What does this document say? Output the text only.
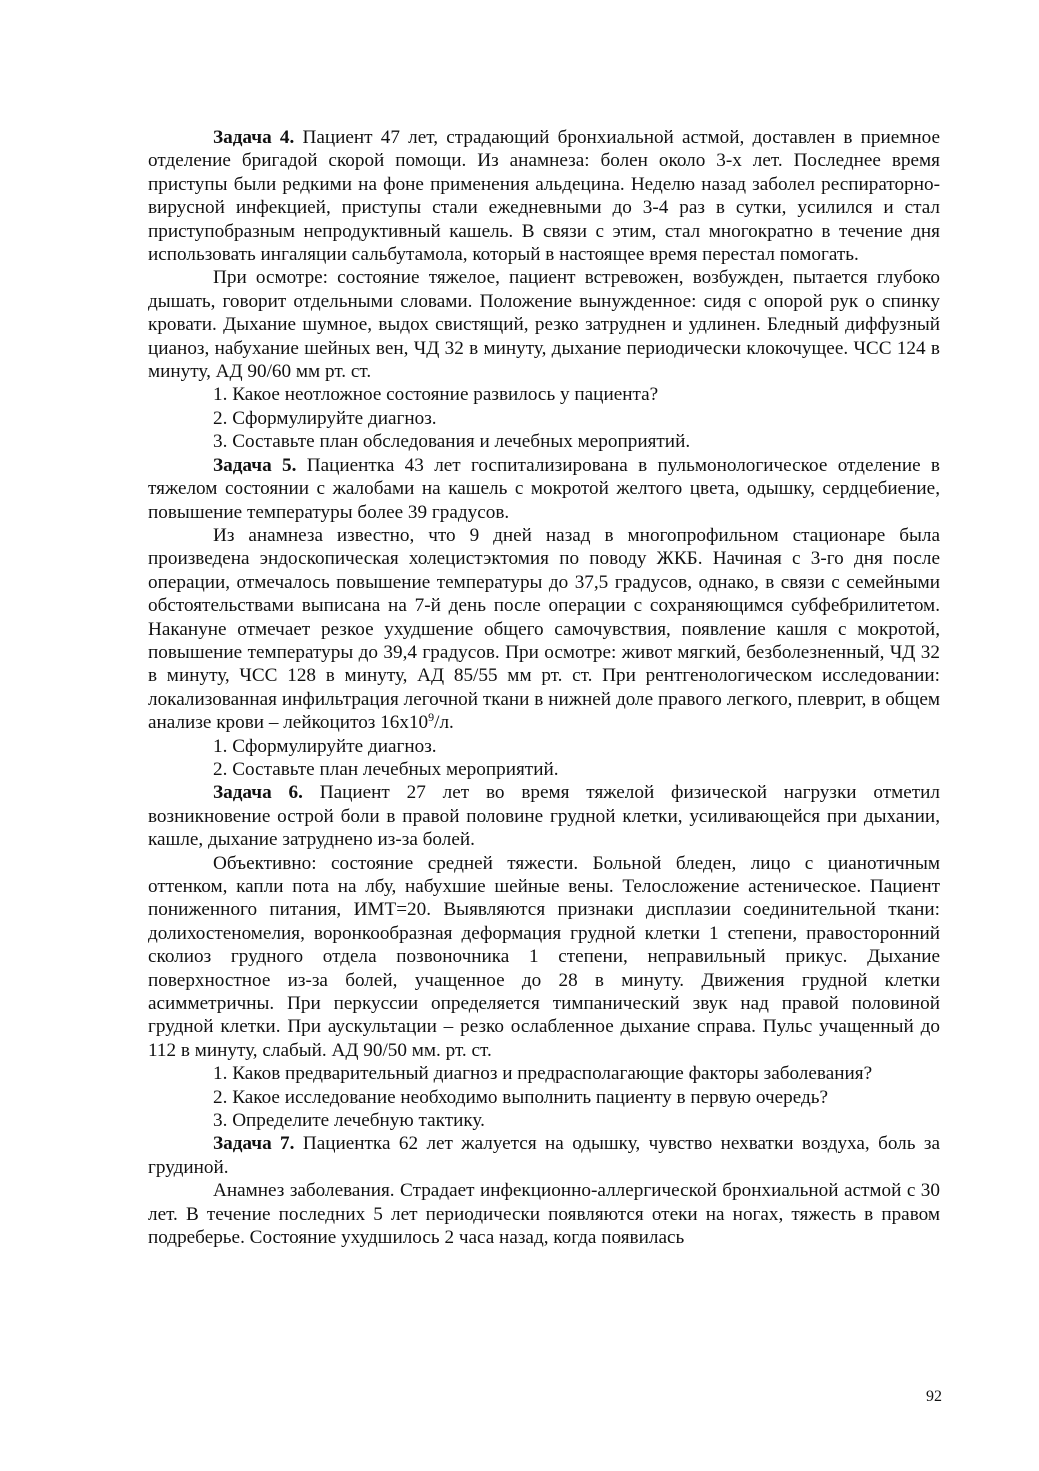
Задача 4. Пациент 47 лет, страдающий бронхиальной астмой, доставлен в приемное отделение бригадой скорой помощи. Из анамнеза: болен около 3-х лет. Последнее время приступы были редкими на фоне применения альдецина. Неделю назад заболел респираторно-вирусной инфекцией, приступы стали ежедневными до 3-4 раз в сутки, усилился и стал приступобразным непродуктивный кашель. В связи с этим, стал многократно в течение дня использовать ингаляции сальбутамола, который в настоящее время перестал помогать.

При осмотре: состояние тяжелое, пациент встревожен, возбужден, пытается глубоко дышать, говорит отдельными словами. Положение вынужденное: сидя с опорой рук о спинку кровати. Дыхание шумное, выдох свистящий, резко затруднен и удлинен. Бледный диффузный цианоз, набухание шейных вен, ЧД 32 в минуту, дыхание периодически клокочущее. ЧСС 124 в минуту, АД 90/60 мм рт. ст.

1. Какое неотложное состояние развилось у пациента?

2. Сформулируйте диагноз.

3. Составьте план обследования и лечебных мероприятий.

Задача 5. Пациентка 43 лет госпитализирована в пульмонологическое отделение в тяжелом состоянии с жалобами на кашель с мокротой желтого цвета, одышку, сердцебиение, повышение температуры более 39 градусов.

Из анамнеза известно, что 9 дней назад в многопрофильном стационаре была произведена эндоскопическая холецистэктомия по поводу ЖКБ. Начиная с 3-го дня после операции, отмечалось повышение температуры до 37,5 градусов, однако, в связи с семейными обстоятельствами выписана на 7-й день после операции с сохраняющимся субфебрилитетом. Накануне отмечает резкое ухудшение общего самочувствия, появление кашля с мокротой, повышение температуры до 39,4 градусов. При осмотре: живот мягкий, безболезненный, ЧД 32 в минуту, ЧСС 128 в минуту, АД 85/55 мм рт. ст. При рентгенологическом исследовании: локализованная инфильтрация легочной ткани в нижней доле правого легкого, плеврит, в общем анализе крови – лейкоцитоз $16х10^9/л$.

1. Сформулируйте диагноз.

2. Составьте план лечебных мероприятий.

Задача 6. Пациент 27 лет во время тяжелой физической нагрузки отметил возникновение острой боли в правой половине грудной клетки, усиливающейся при дыхании, кашле, дыхание затруднено из-за болей.

Объективно: состояние средней тяжести. Больной бледен, лицо с цианотичным оттенком, капли пота на лбу, набухшие шейные вены. Телосложение астеническое. Пациент пониженного питания, ИМТ=20. Выявляются признаки дисплазии соединительной ткани: долихостеномелия, воронкообразная деформация грудной клетки 1 степени, правосторонний сколиоз грудного отдела позвоночника 1 степени, неправильный прикус. Дыхание поверхностное из-за болей, учащенное до 28 в минуту. Движения грудной клетки асимметричны. При перкуссии определяется тимпанический звук над правой половиной грудной клетки. При аускультации – резко ослабленное дыхание справа. Пульс учащенный до 112 в минуту, слабый. АД 90/50 мм. рт. ст.

1. Каков предварительный диагноз и предрасполагающие факторы заболевания?

2. Какое исследование необходимо выполнить пациенту в первую очередь?

3. Определите лечебную тактику.

Задача 7. Пациентка 62 лет жалуется на одышку, чувство нехватки воздуха, боль за грудиной.

Анамнез заболевания. Страдает инфекционно-аллергической бронхиальной астмой с 30 лет. В течение последних 5 лет периодически появляются отеки на ногах, тяжесть в правом подреберье. Состояние ухудшилось 2 часа назад, когда появилась

92
